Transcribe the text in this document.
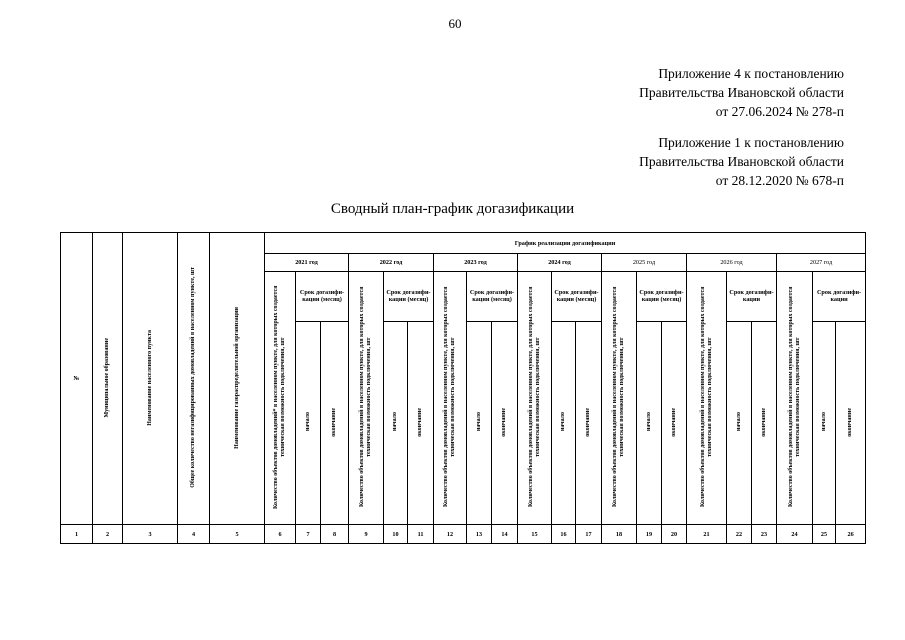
60
Приложение 4 к постановлению
Правительства Ивановской области
от 27.06.2024 № 278-п
Приложение 1 к постановлению
Правительства Ивановской области
от 28.12.2020 № 678-п
Сводный план-график догазификации
№	Муниципальное образование	Наименование населенного пункта	Общее количество негазифицированных домовладений в населенном пункте, шт	Наименование газораспределительной организации	График реализации догазификации																				
					2021 год			2022 год			2023 год			2024 год			2025 год			2026 год			2027 год		
					Количество объектов домовладений* в населенном пункте, для которых создается техническая возможность подключения, шт	Срок догазифи-кации (месяц)		Количество объектов домовладений в населенном пункте, для которых создается техническая возможность подключения, шт	Срок догазифи-кации (месяц)		Количество объектов домовладений в населенном пункте, для которых создается техническая возможность подключения, шт	Срок догазифи-кации (месяц)		Количество объектов домовладений в населенном пункте, для которых создается техническая возможность подключения, шт	Срок догазифи-кации (месяц)		Количество объектов домовладений в населенном пункте, для которых создается техническая возможность подключения, шт	Срок догазифи-кации (месяц)		Количество объектов домовладений в населенном пункте, для которых создается техническая возможность подключения, шт	Срок догазифи-кации		Количество объектов домовладений в населенном пункте, для которых создается техническая возможность подключения, шт	Срок догазифи-кации	
						начало	окончание		начало	окончание		начало	окончание		начало	окончание		начало	окончание		начало	окончание		начало	окончание
1	2	3	4	5	6	7	8	9	10	11	12	13	14	15	16	17	18	19	20	21	22	23	24	25	26
